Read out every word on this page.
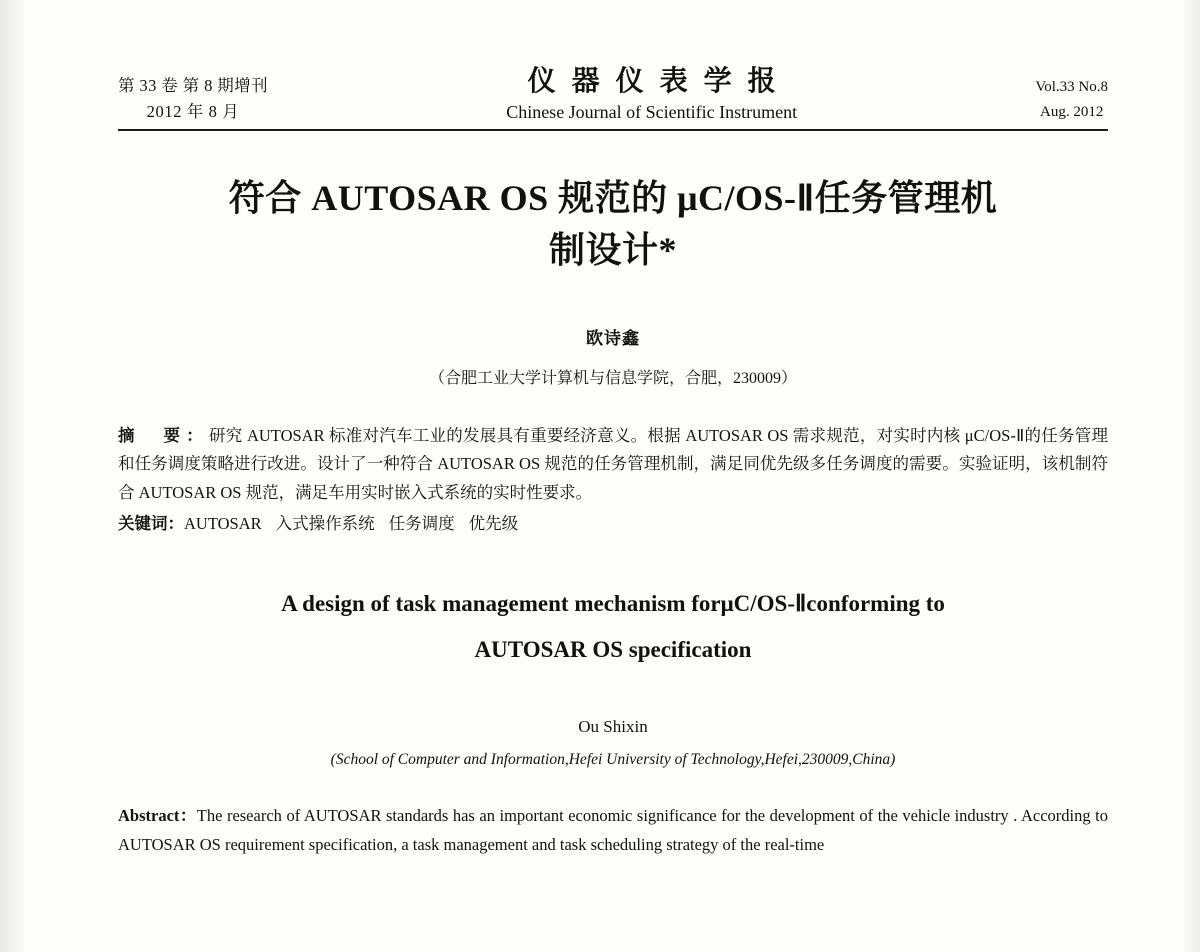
第 33 卷 第 8 期增刊
2012 年 8 月
仪器仪表学报
Chinese Journal of Scientific Instrument
Vol.33 No.8
Aug. 2012
符合 AUTOSAR OS 规范的 μC/OS-Ⅱ任务管理机
制设计*
欧诗鑫
（合肥工业大学计算机与信息学院，合肥，230009）
摘　要：研究 AUTOSAR 标准对汽车工业的发展具有重要经济意义。根据 AUTOSAR OS 需求规范，对实时内核 μC/OS-Ⅱ的任务管理和任务调度策略进行改进。设计了一种符合 AUTOSAR OS 规范的任务管理机制，满足同优先级多任务调度的需要。实验证明，该机制符合 AUTOSAR OS 规范，满足车用实时嵌入式系统的实时性要求。
关键词：AUTOSAR 入式操作系统 任务调度 优先级
A design of task management mechanism forμC/OS-Ⅱconforming to
AUTOSAR OS specification
Ou Shixin
(School of Computer and Information,Hefei University of Technology,Hefei,230009,China)

Abstract：The research of AUTOSAR standards has an important economic significance for the development of the vehicle industry . According to AUTOSAR OS requirement specification, a task management and task scheduling strategy of the real-time
